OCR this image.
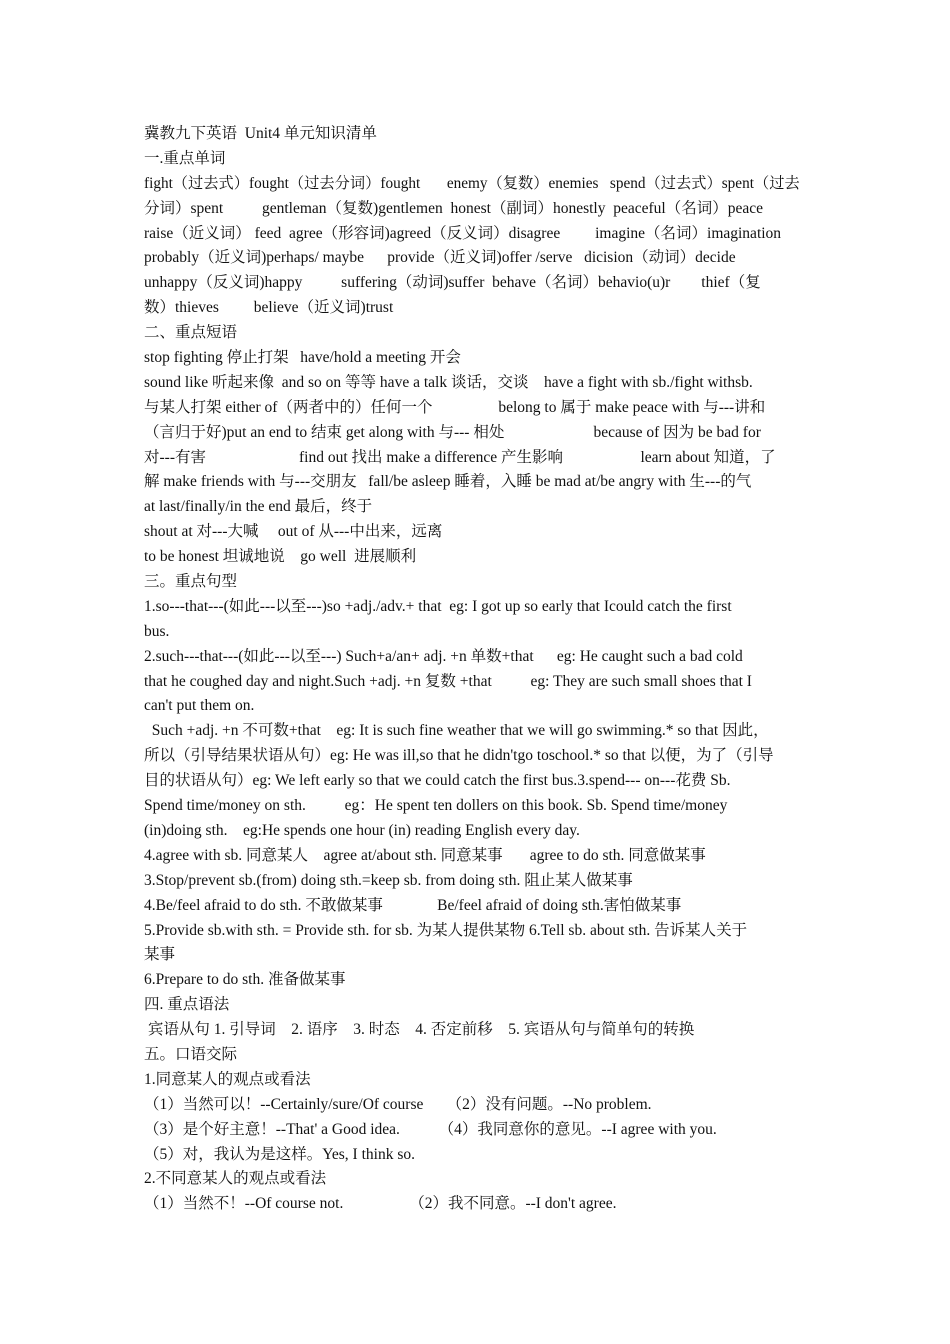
冀教九下英语  Unit4 单元知识清单
一.重点单词
fight（过去式）fought（过去分词）fought       enemy（复数）enemies   spend（过去式）spent（过去
分词）spent          gentleman（复数)gentlemen  honest（副词）honestly  peaceful（名词）peace
raise（近义词） feed  agree（形容词)agreed（反义词）disagree         imagine（名词）imagination
probably（近义词)perhaps/ maybe      provide（近义词)offer /serve   dicision（动词）decide
unhappy（反义词)happy          suffering（动词)suffer  behave（名词）behavio(u)r        thief（复
数）thieves         believe（近义词)trust
二、重点短语
stop fighting 停止打架   have/hold a meeting 开会
sound like 听起来像  and so on 等等 have a talk 谈话，交谈    have a fight with sb./fight withsb.
与某人打架 either of（两者中的）任何一个                 belong to 属于 make peace with 与---讲和
（言归于好)put an end to 结束 get along with 与--- 相处                       because of 因为 be bad for
对---有害                        find out 找出 make a difference 产生影响                    learn about 知道，了
解 make friends with 与---交朋友   fall/be asleep 睡着，入睡 be mad at/be angry with 生---的气
at last/finally/in the end 最后，终于
shout at 对---大喊     out of 从---中出来，远离
to be honest 坦诚地说    go well  进展顺利
三。重点句型
1.so---that---(如此---以至---)so +adj./adv.+ that  eg: I got up so early that Icould catch the first
bus.
2.such---that---(如此---以至---) Such+a/an+ adj. +n 单数+that      eg: He caught such a bad cold
that he coughed day and night.Such +adj. +n 复数 +that          eg: They are such small shoes that I
can't put them on.
Such +adj. +n 不可数+that    eg: It is such fine weather that we will go swimming.* so that 因此，
所以（引导结果状语从句）eg: He was ill,so that he didn'tgo toschool.* so that 以便，为了（引导
目的状语从句）eg: We left early so that we could catch the first bus.3.spend--- on---花费 Sb.
Spend time/money on sth.          eg：He spent ten dollers on this book. Sb. Spend time/money
(in)doing sth.    eg:He spends one hour (in) reading English every day.
4.agree with sb. 同意某人    agree at/about sth. 同意某事       agree to do sth. 同意做某事
3.Stop/prevent sb.(from) doing sth.=keep sb. from doing sth. 阻止某人做某事
4.Be/feel afraid to do sth. 不敢做某事              Be/feel afraid of doing sth.害怕做某事
5.Provide sb.with sth. = Provide sth. for sb. 为某人提供某物 6.Tell sb. about sth. 告诉某人关于
某事
6.Prepare to do sth. 准备做某事
四. 重点语法
宾语从句 1. 引导词    2. 语序    3. 时态    4. 否定前移    5. 宾语从句与简单句的转换
五。口语交际
1.同意某人的观点或看法
（1）当然可以！--Certainly/sure/Of course      （2）没有问题。--No problem.
（3）是个好主意！--That' a Good idea.          （4）我同意你的意见。--I agree with you.
（5）对，我认为是这样。Yes, I think so.
2.不同意某人的观点或看法
（1）当然不！--Of course not.                 （2）我不同意。--I don't agree.
